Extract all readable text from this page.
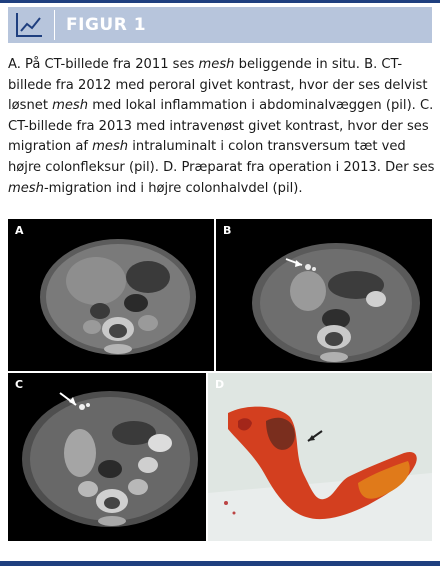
FIGUR 1

A. På CT-billede fra 2011 ses mesh beliggende in situ. B. CT-billede fra 2012 med peroral givet kontrast, hvor der ses delvist løsnet mesh med lokal inflammation i abdominalvæggen (pil). C. CT-billede fra 2013 med intravenøst givet kontrast, hvor der ses migration af mesh intraluminalt i colon transversum tæt ved højre colonfleksur (pil). D. Præparat fra operation i 2013. Der ses mesh-migration ind i højre colonhalvdel (pil).

A	B
C	D
